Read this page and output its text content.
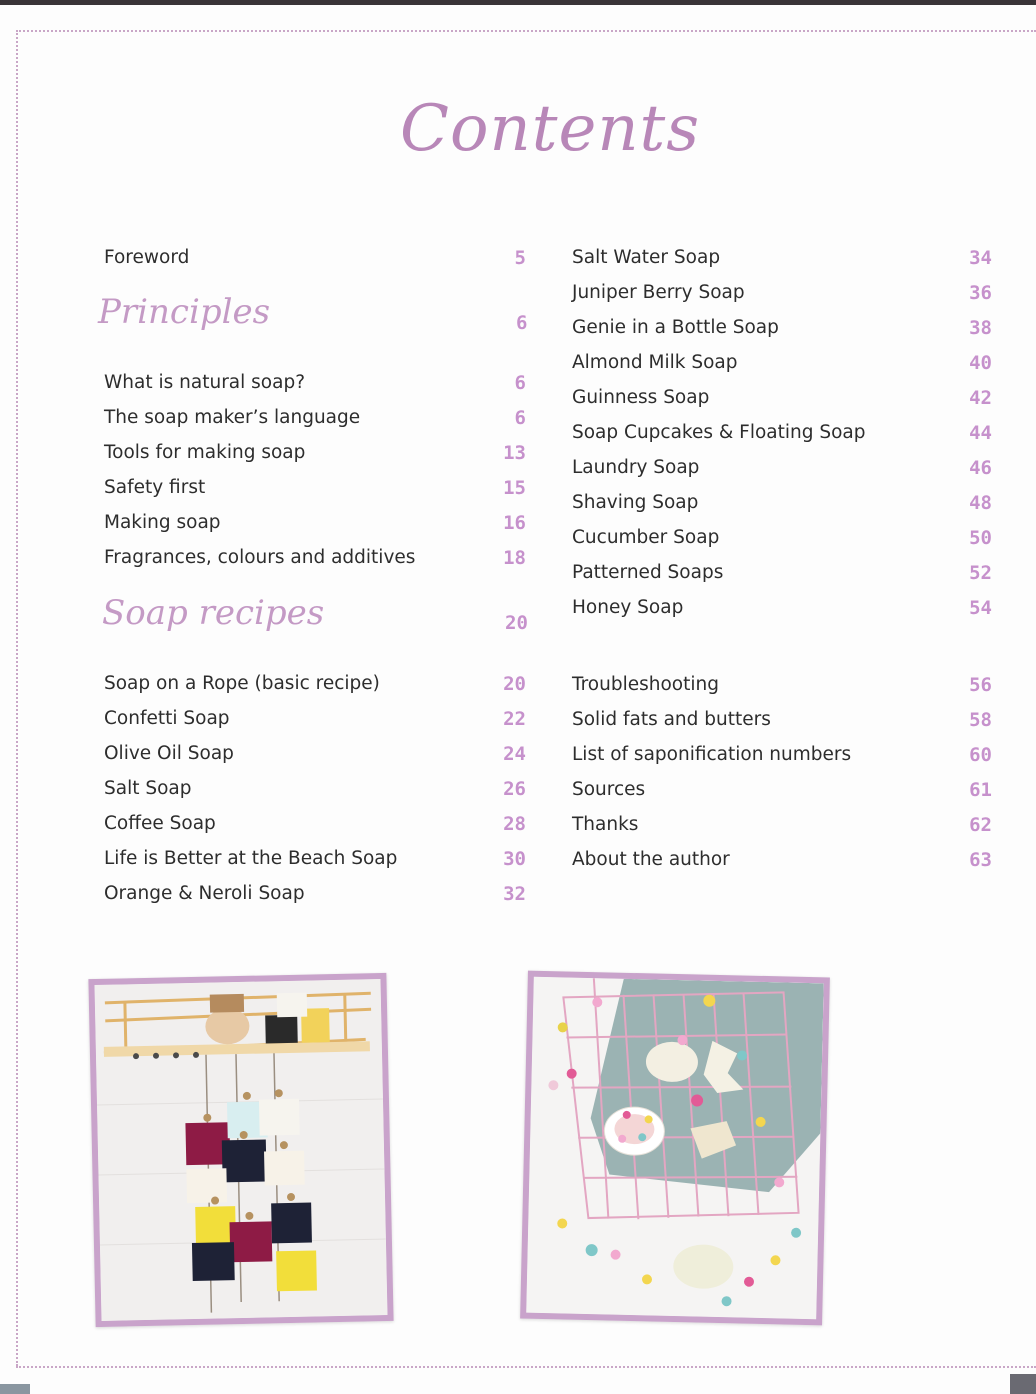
Contents
Foreword	5
Principles	6
What is natural soap?	6
The soap maker’s language	6
Tools for making soap	13
Safety first	15
Making soap	16
Fragrances, colours and additives	18
Soap recipes	20
Soap on a Rope (basic recipe)	20
Confetti Soap	22
Olive Oil Soap	24
Salt Soap	26
Coffee Soap	28
Life is Better at the Beach Soap	30
Orange & Neroli Soap	32
Salt Water Soap	34
Juniper Berry Soap	36
Genie in a Bottle Soap	38
Almond Milk Soap	40
Guinness Soap	42
Soap Cupcakes & Floating Soap	44
Laundry Soap	46
Shaving Soap	48
Cucumber Soap	50
Patterned Soaps	52
Honey Soap	54
Troubleshooting	56
Solid fats and butters	58
List of saponification numbers	60
Sources	61
Thanks	62
About the author	63
